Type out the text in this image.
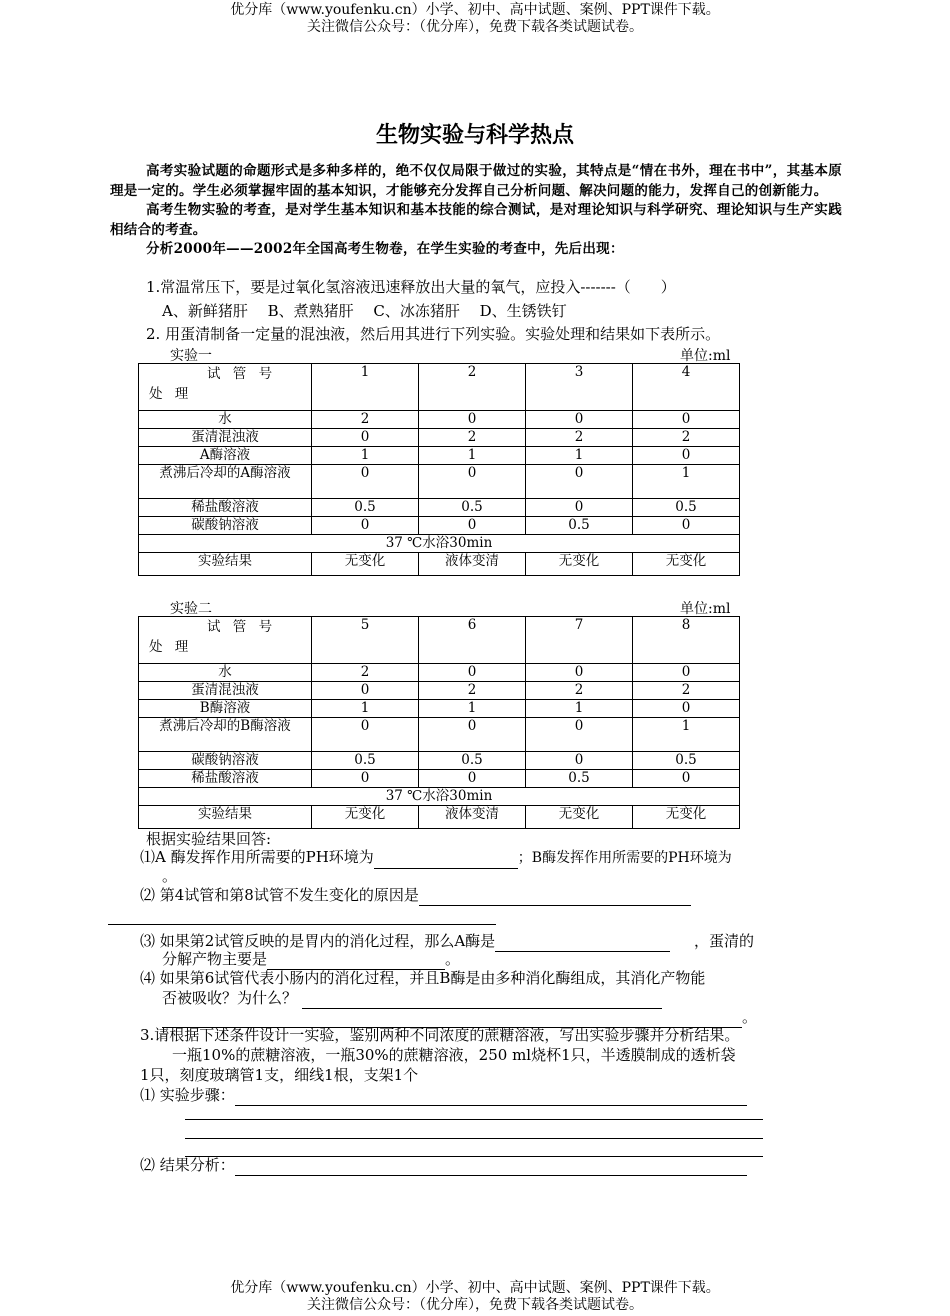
优分库（www.youfenku.cn）小学、初中、高中试题、案例、PPT课件下载。
关注微信公众号：（优分库），免费下载各类试题试卷。
生物实验与科学热点

高考实验试题的命题形式是多种多样的，绝不仅仅局限于做过的实验，其特点是“情在书外，理在书中”，其基本原理是一定的。学生必须掌握牢固的基本知识，才能够充分发挥自己分析问题、解决问题的能力，发挥自己的创新能力。

高考生物实验的考查，是对学生基本知识和基本技能的综合测试，是对理论知识与科学研究、理论知识与生产实践相结合的考查。

分析2000年——2002年全国高考生物卷，在学生实验的考查中，先后出现：

1.常温常压下，要是过氧化氢溶液迅速释放出大量的氧气，应投入-------（　　）
A、新鲜猪肝　 B、煮熟猪肝　 C、冰冻猪肝　 D、生锈铁钉
2. 用蛋清制备一定量的混浊液，然后用其进行下列实验。实验处理和结果如下表所示。
实验一	单位:ml
试 管 号
处 理	1	2	3	4
水	2	0	0	0
蛋清混浊液	0	2	2	2
A酶溶液	1	1	1	0
煮沸后冷却的A酶溶液	0	0	0	1
稀盐酸溶液	0.5	0.5	0	0.5
碳酸钠溶液	0	0	0.5	0
37 ℃水浴30min				
实验结果	无变化	液体变清	无变化	无变化
实验二	单位:ml
试 管 号
处 理	5	6	7	8
水	2	0	0	0
蛋清混浊液	0	2	2	2
B酶溶液	1	1	1	0
煮沸后冷却的B酶溶液	0	0	0	1
碳酸钠溶液	0.5	0.5	0	0.5
稀盐酸溶液	0	0	0.5	0
37 ℃水浴30min				
实验结果	无变化	液体变清	无变化	无变化
根据实验结果回答:
⑴A 酶发挥作用所需要的PH环境为	；B酶发挥作用所需要的PH环境为
。
⑵ 第4试管和第8试管不发生变化的原因是
⑶ 如果第2试管反映的是胃内的消化过程，那么A酶是	，蛋清的
分解产物主要是	。
⑷ 如果第6试管代表小肠内的消化过程，并且B酶是由多种消化酶组成，其消化产物能
否被吸收？为什么？
。
3.请根据下述条件设计一实验，鉴别两种不同浓度的蔗糖溶液，写出实验步骤并分析结果。
一瓶10%的蔗糖溶液，一瓶30%的蔗糖溶液，250 ml烧杯1只，半透膜制成的透析袋
1只，刻度玻璃管1支，细线1根，支架1个
⑴ 实验步骤：
⑵ 结果分析：
优分库（www.youfenku.cn）小学、初中、高中试题、案例、PPT课件下载。
关注微信公众号：（优分库），免费下载各类试题试卷。
